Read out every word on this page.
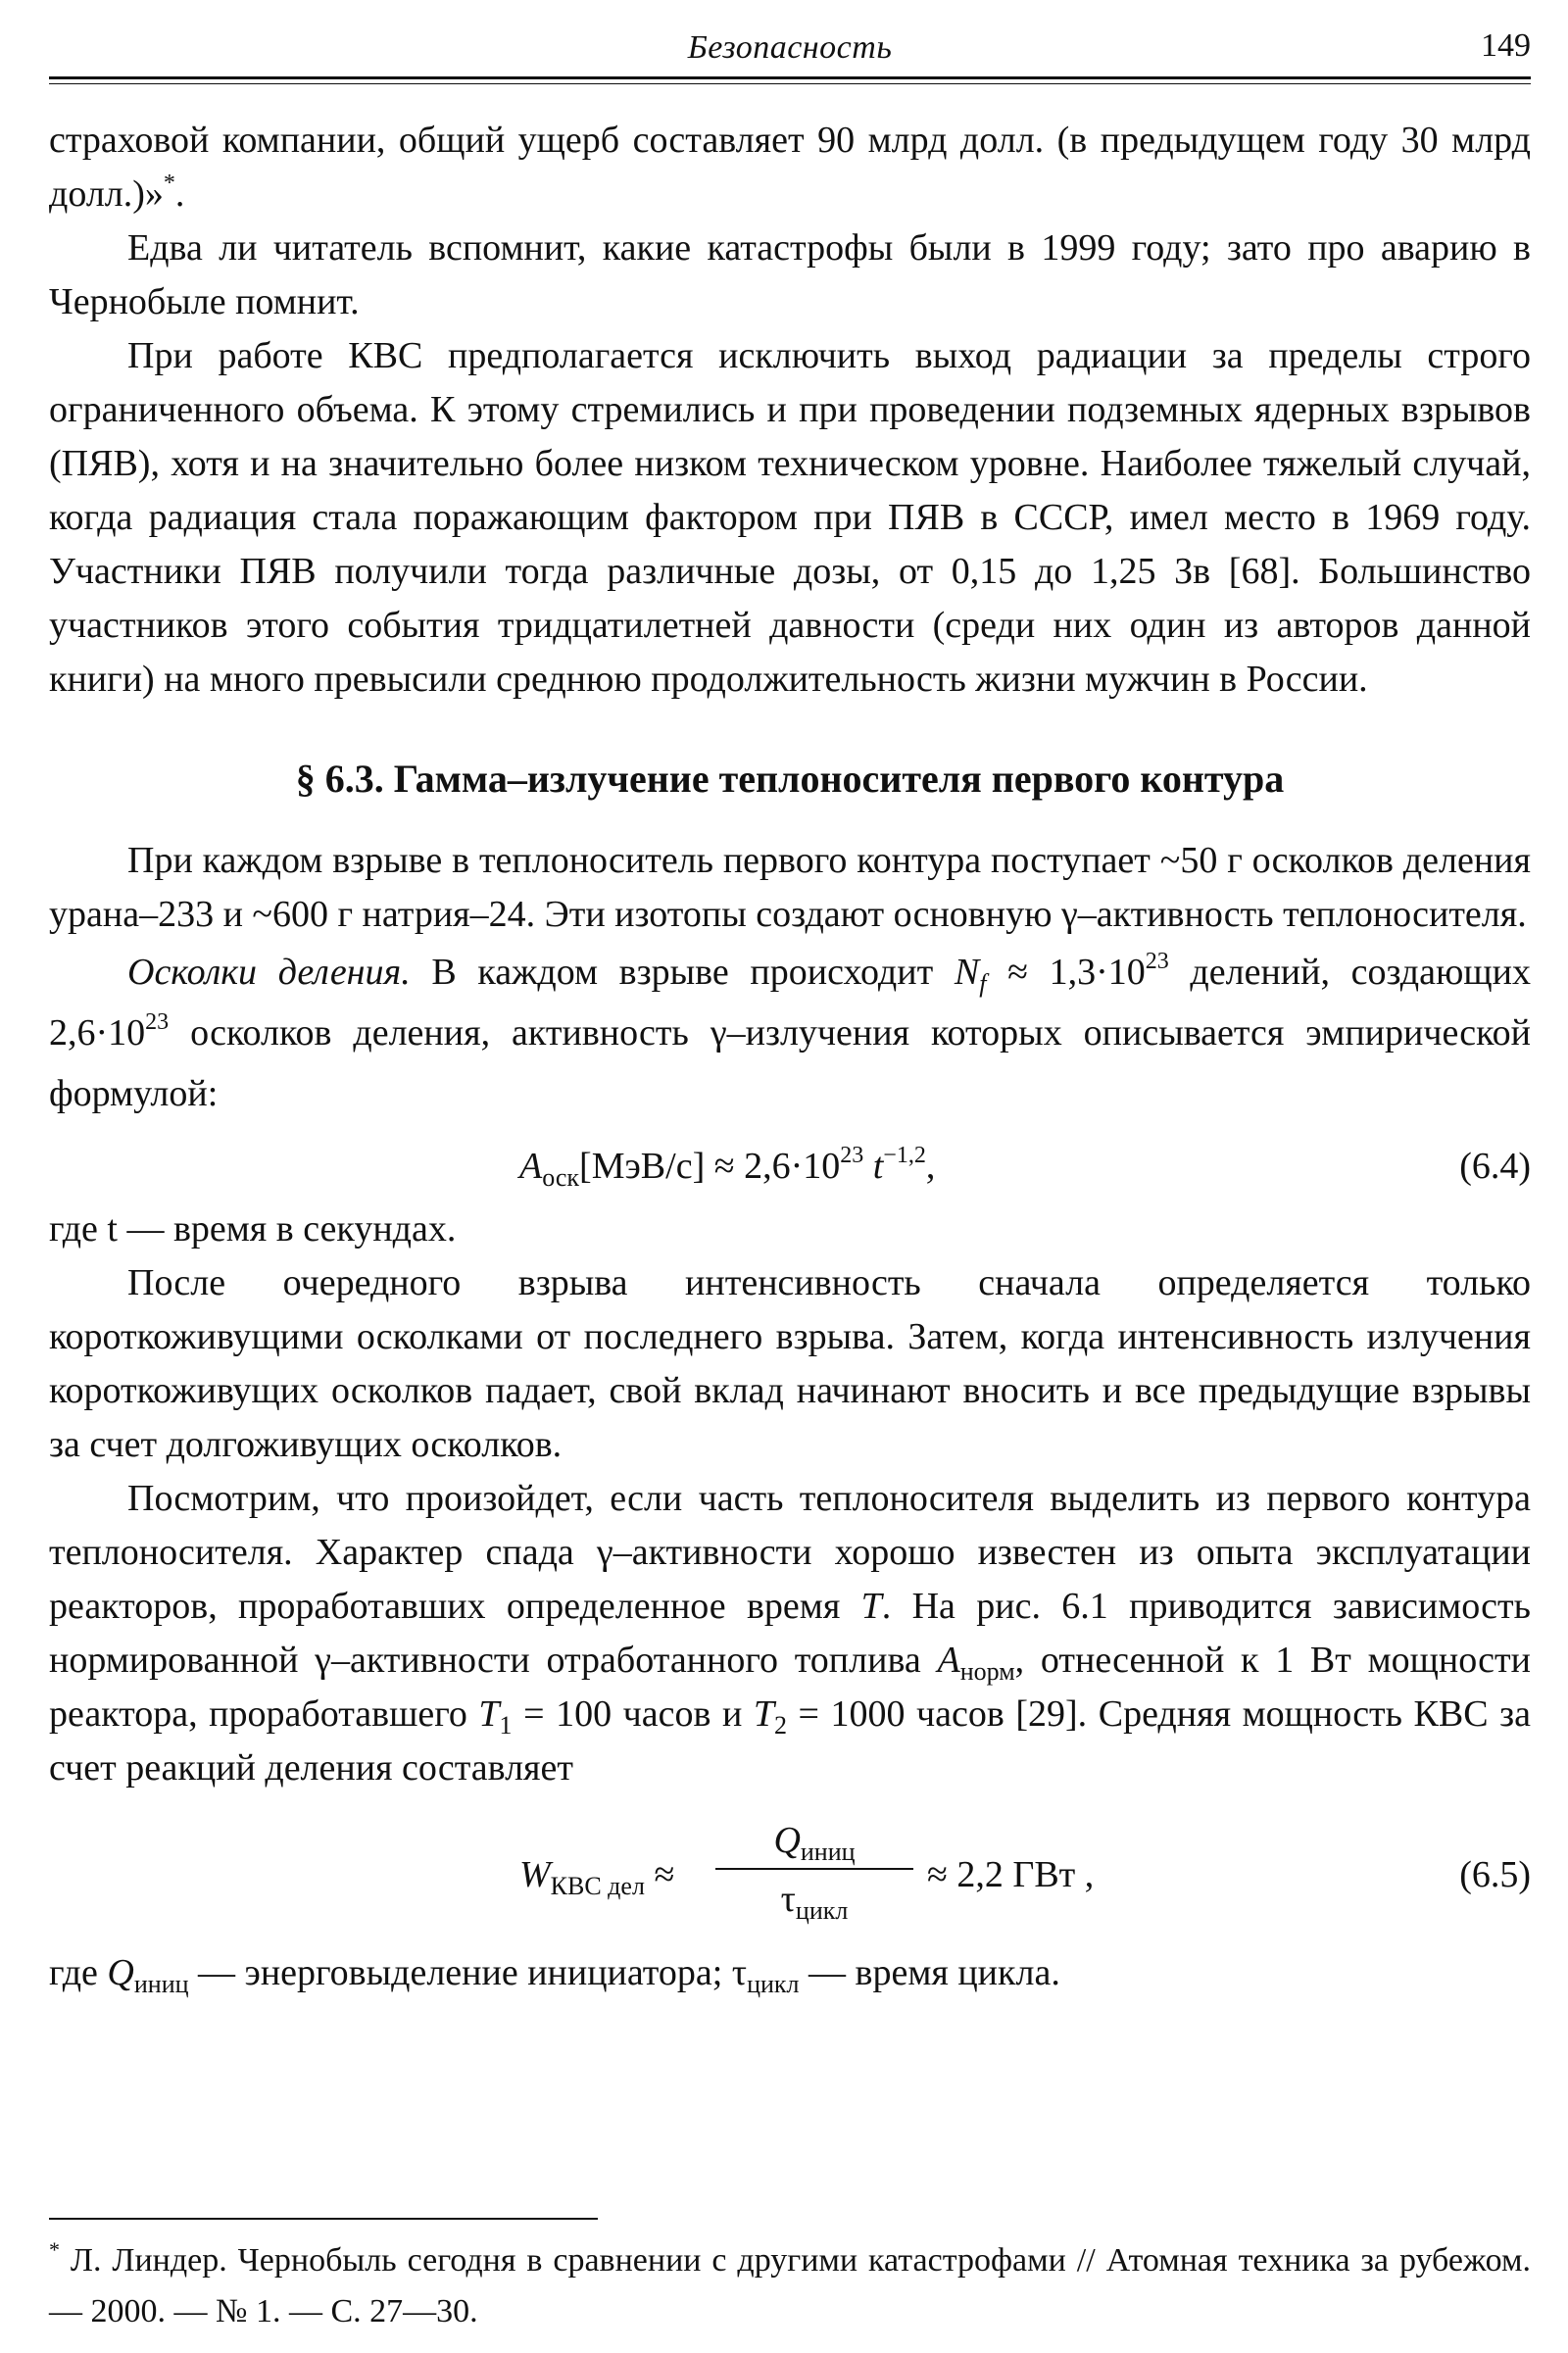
Безопасность	149

страховой компании, общий ущерб составляет 90 млрд долл. (в предыдущем году 30 млрд долл.)»*.

Едва ли читатель вспомнит, какие катастрофы были в 1999 году; зато про аварию в Чернобыле помнит.

При работе КВС предполагается исключить выход радиации за пределы строго ограниченного объема. К этому стремились и при проведении подземных ядерных взрывов (ПЯВ), хотя и на значительно более низком техническом уровне. Наиболее тяжелый случай, когда радиация стала поражающим фактором при ПЯВ в СССР, имел место в 1969 году. Участники ПЯВ получили тогда различные дозы, от 0,15 до 1,25 Зв [68]. Большинство участников этого события тридцатилетней давности (среди них один из авторов данной книги) на много превысили среднюю продолжительность жизни мужчин в России.

§ 6.3. Гамма–излучение теплоносителя первого контура

При каждом взрыве в теплоноситель первого контура поступает ~50 г осколков деления урана–233 и ~600 г натрия–24. Эти изотопы создают основную γ–активность теплоносителя.

Осколки деления. В каждом взрыве происходит $N_f \approx 1,3\cdot 10^{23}$ делений, создающих $2,6\cdot 10^{23}$ осколков деления, активность γ–излучения которых описывается эмпирической формулой:

$A_{оск}[МэВ/с] \approx 2,6\cdot 10^{23}$ $t^{-1,2}$,	(6.4)

где t — время в секундах.

После очередного взрыва интенсивность сначала определяется только короткоживущими осколками от последнего взрыва. Затем, когда интенсивность излучения короткоживущих осколков падает, свой вклад начинают вносить и все предыдущие взрывы за счет долгоживущих осколков.

Посмотрим, что произойдет, если часть теплоносителя выделить из первого контура теплоносителя. Характер спада γ–активности хорошо известен из опыта эксплуатации реакторов, проработавших определенное время T. На рис. 6.1 приводится зависимость нормированной γ–активности отработанного топлива $A_{норм}$, отнесенной к 1 Вт мощности реактора, проработавшего $T_1 = 100$ часов и $T_2 = 1000$ часов [29]. Средняя мощность КВС за счет реакций деления составляет

$W_{КВС дел}$ ≈
$Q_{иниц}$
$\tau_{цикл}$
≈ 2,2 ГВт ,	(6.5)

где $Q_{иниц}$ — энерговыделение инициатора; $\tau_{цикл}$ — время цикла.

* Л. Линдер. Чернобыль сегодня в сравнении с другими катастрофами // Атомная техника за рубежом. — 2000. — № 1. — С. 27—30.
